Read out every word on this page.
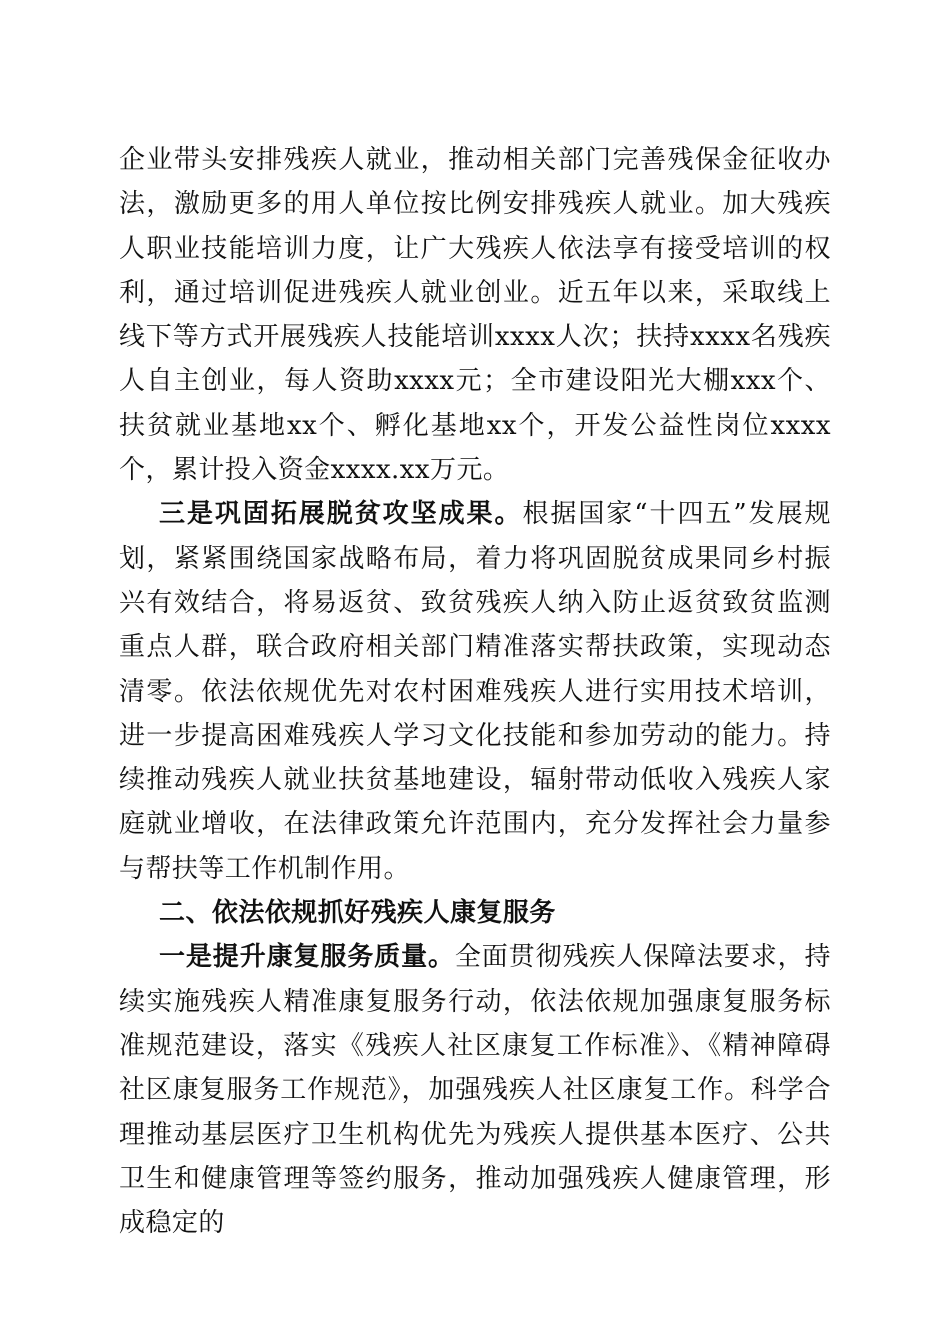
企业带头安排残疾人就业，推动相关部门完善残保金征收办法，激励更多的用人单位按比例安排残疾人就业。加大残疾人职业技能培训力度，让广大残疾人依法享有接受培训的权利，通过培训促进残疾人就业创业。近五年以来，采取线上线下等方式开展残疾人技能培训xxxx人次；扶持xxxx名残疾人自主创业，每人资助xxxx元；全市建设阳光大棚xxx个、扶贫就业基地xx个、孵化基地xx个，开发公益性岗位xxxx个，累计投入资金xxxx.xx万元。

三是巩固拓展脱贫攻坚成果。根据国家“十四五”发展规划，紧紧围绕国家战略布局，着力将巩固脱贫成果同乡村振兴有效结合，将易返贫、致贫残疾人纳入防止返贫致贫监测重点人群，联合政府相关部门精准落实帮扶政策，实现动态清零。依法依规优先对农村困难残疾人进行实用技术培训，进一步提高困难残疾人学习文化技能和参加劳动的能力。持续推动残疾人就业扶贫基地建设，辐射带动低收入残疾人家庭就业增收，在法律政策允许范围内，充分发挥社会力量参与帮扶等工作机制作用。

二、依法依规抓好残疾人康复服务

一是提升康复服务质量。全面贯彻残疾人保障法要求，持续实施残疾人精准康复服务行动，依法依规加强康复服务标准规范建设，落实《残疾人社区康复工作标准》、《精神障碍社区康复服务工作规范》，加强残疾人社区康复工作。科学合理推动基层医疗卫生机构优先为残疾人提供基本医疗、公共卫生和健康管理等签约服务，推动加强残疾人健康管理，形成稳定的
